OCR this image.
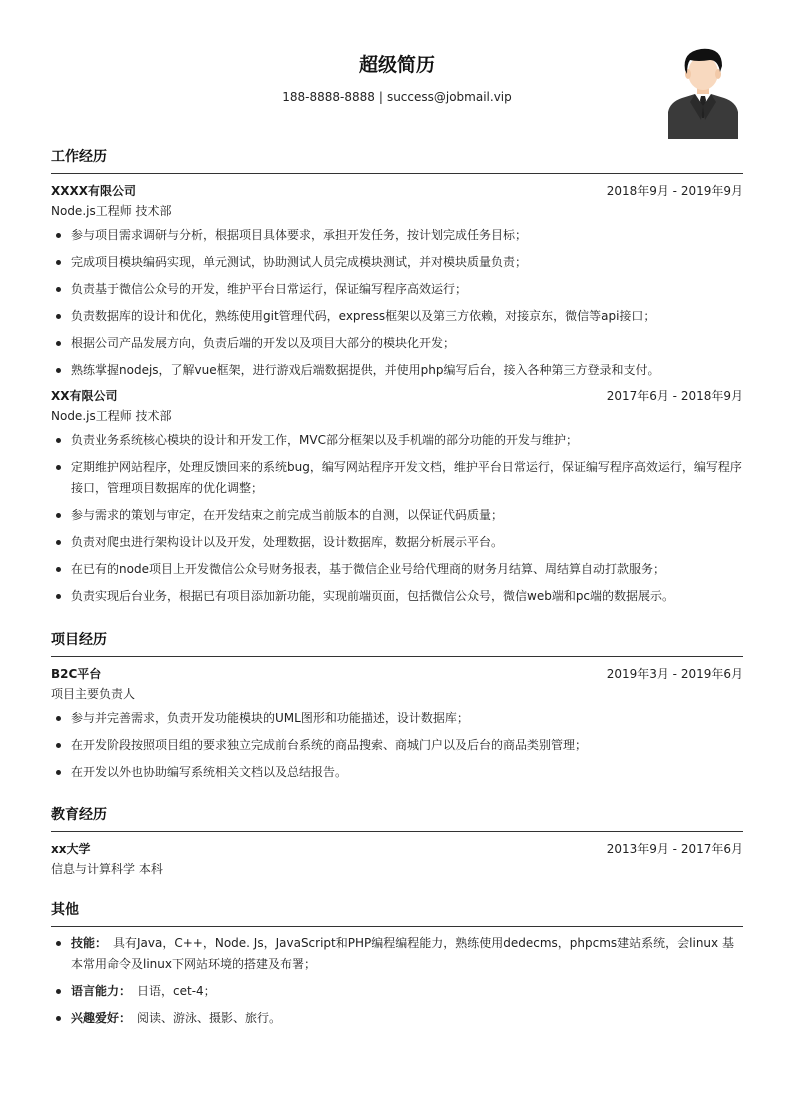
超级简历
188-8888-8888 | success@jobmail.vip
工作经历
XXXX有限公司	2018年9月 - 2019年9月
Node.js工程师 技术部
参与项目需求调研与分析，根据项目具体要求，承担开发任务，按计划完成任务目标；
完成项目模块编码实现，单元测试，协助测试人员完成模块测试，并对模块质量负责；
负责基于微信公众号的开发，维护平台日常运行，保证编写程序高效运行；
负责数据库的设计和优化，熟练使用git管理代码，express框架以及第三方依赖，对接京东，微信等api接口；
根据公司产品发展方向，负责后端的开发以及项目大部分的模块化开发；
熟练掌握nodejs，了解vue框架，进行游戏后端数据提供，并使用php编写后台，接入各种第三方登录和支付。
XX有限公司	2017年6月 - 2018年9月
Node.js工程师 技术部
负责业务系统核心模块的设计和开发工作，MVC部分框架以及手机端的部分功能的开发与维护；
定期维护网站程序，处理反馈回来的系统bug，编写网站程序开发文档，维护平台日常运行，保证编写程序高效运行，编写程序接口，管理项目数据库的优化调整；
参与需求的策划与审定，在开发结束之前完成当前版本的自测，以保证代码质量；
负责对爬虫进行架构设计以及开发，处理数据，设计数据库，数据分析展示平台。
在已有的node项目上开发微信公众号财务报表，基于微信企业号给代理商的财务月结算、周结算自动打款服务；
负责实现后台业务，根据已有项目添加新功能，实现前端页面，包括微信公众号，微信web端和pc端的数据展示。
项目经历
B2C平台	2019年3月 - 2019年6月
项目主要负责人
参与并完善需求，负责开发功能模块的UML图形和功能描述，设计数据库；
在开发阶段按照项目组的要求独立完成前台系统的商品搜索、商城门户以及后台的商品类别管理；
在开发以外也协助编写系统相关文档以及总结报告。
教育经历
xx大学	2013年9月 - 2017年6月
信息与计算科学 本科
其他
技能： 具有Java，C++，Node. Js，JavaScript和PHP编程编程能力，熟练使用dedecms，phpcms建站系统，会linux 基本常用命令及linux下网站环境的搭建及布署；
语言能力： 日语，cet-4；
兴趣爱好： 阅读、游泳、摄影、旅行。
